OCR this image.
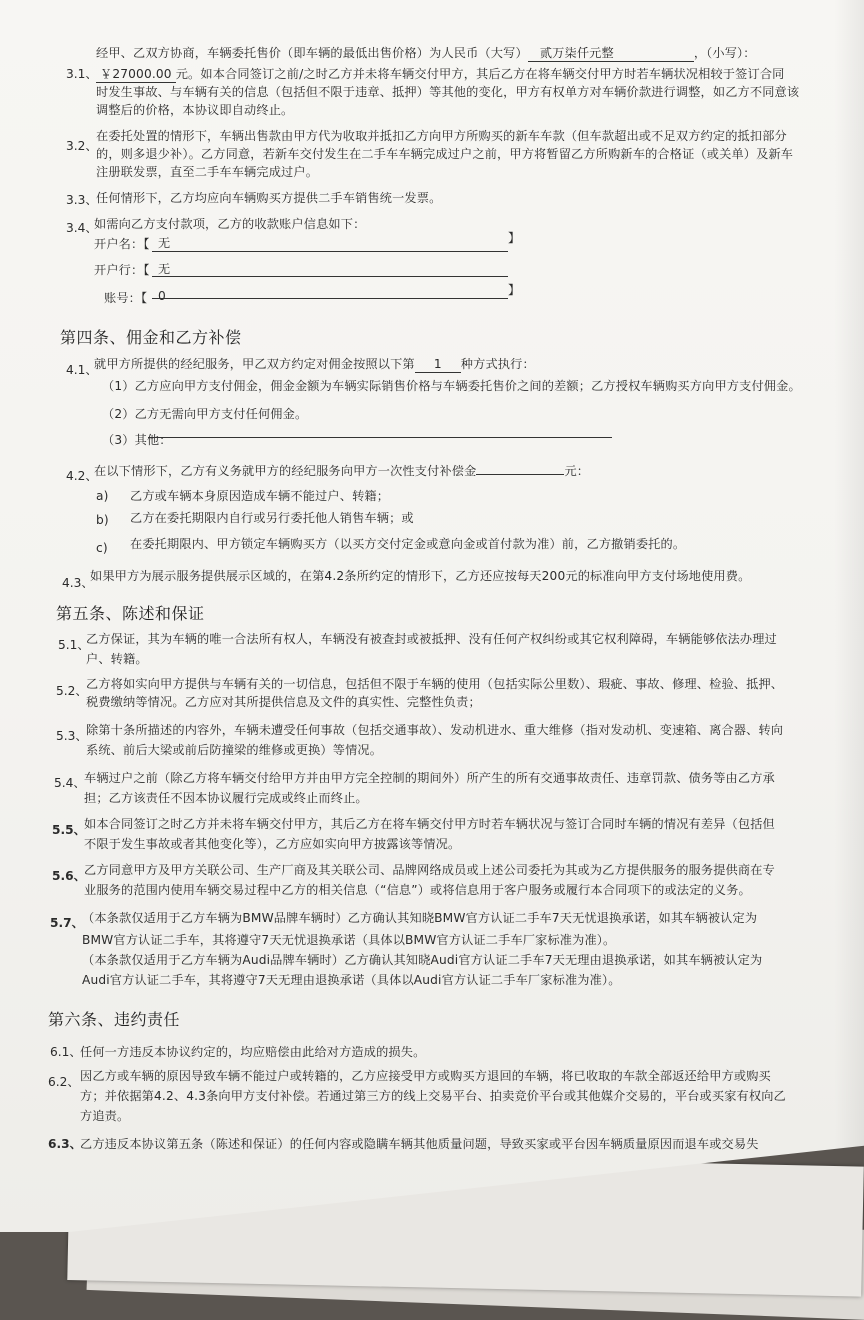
3.1、
经甲、乙双方协商，车辆委托售价（即车辆的最低出售价格）为人民币（大写） 贰万柒仟元整	，（小写）：
￥27000.00 元。如本合同签订之前/之时乙方并未将车辆交付甲方，其后乙方在将车辆交付甲方时若车辆状况相较于签订合同
时发生事故、与车辆有关的信息（包括但不限于违章、抵押）等其他的变化，甲方有权单方对车辆价款进行调整，如乙方不同意该
调整后的价格，本协议即自动终止。
3.2、
在委托处置的情形下，车辆出售款由甲方代为收取并抵扣乙方向甲方所购买的新车车款（但车款超出或不足双方约定的抵扣部分
的，则多退少补）。乙方同意，若新车交付发生在二手车车辆完成过户之前，甲方将暂留乙方所购新车的合格证（或关单）及新车
注册联发票，直至二手车车辆完成过户。
3.3、
任何情形下，乙方均应向车辆购买方提供二手车销售统一发票。
3.4、
如需向乙方支付款项，乙方的收款账户信息如下：
开户名：【 无	】
开户行：【 无
账号：【 0	】
第四条、佣金和乙方补偿
4.1、
就甲方所提供的经纪服务，甲乙双方约定对佣金按照以下第 1 种方式执行：
（1）乙方应向甲方支付佣金，佣金金额为车辆实际销售价格与车辆委托售价之间的差额；乙方授权车辆购买方向甲方支付佣金。
（2）乙方无需向甲方支付任何佣金。
（3）其他：
4.2、
在以下情形下，乙方有义务就甲方的经纪服务向甲方一次性支付补偿金	元：
a) 乙方或车辆本身原因造成车辆不能过户、转籍；
b) 乙方在委托期限内自行或另行委托他人销售车辆；或
c) 在委托期限内、甲方锁定车辆购买方（以买方交付定金或意向金或首付款为准）前，乙方撤销委托的。
4.3、
如果甲方为展示服务提供展示区域的，在第4.2条所约定的情形下，乙方还应按每天200元的标准向甲方支付场地使用费。
第五条、陈述和保证
5.1、
乙方保证，其为车辆的唯一合法所有权人，车辆没有被查封或被抵押、没有任何产权纠纷或其它权利障碍，车辆能够依法办理过
户、转籍。
5.2、
乙方将如实向甲方提供与车辆有关的一切信息，包括但不限于车辆的使用（包括实际公里数）、瑕疵、事故、修理、检验、抵押、
税费缴纳等情况。乙方应对其所提供信息及文件的真实性、完整性负责；
5.3、
除第十条所描述的内容外，车辆未遭受任何事故（包括交通事故）、发动机进水、重大维修（指对发动机、变速箱、离合器、转向
系统、前后大梁或前后防撞梁的维修或更换）等情况。
5.4、
车辆过户之前（除乙方将车辆交付给甲方并由甲方完全控制的期间外）所产生的所有交通事故责任、违章罚款、债务等由乙方承
担；乙方该责任不因本协议履行完成或终止而终止。
5.5、
如本合同签订之时乙方并未将车辆交付甲方，其后乙方在将车辆交付甲方时若车辆状况与签订合同时车辆的情况有差异（包括但
不限于发生事故或者其他变化等），乙方应如实向甲方披露该等情况。
5.6、
乙方同意甲方及甲方关联公司、生产厂商及其关联公司、品牌网络成员或上述公司委托为其或为乙方提供服务的服务提供商在专
业服务的范围内使用车辆交易过程中乙方的相关信息（“信息”）或将信息用于客户服务或履行本合同项下的或法定的义务。
5.7、
（本条款仅适用于乙方车辆为BMW品牌车辆时）乙方确认其知晓BMW官方认证二手车7天无忧退换承诺，如其车辆被认定为
BMW官方认证二手车，其将遵守7天无忧退换承诺（具体以BMW官方认证二手车厂家标准为准）。
（本条款仅适用于乙方车辆为Audi品牌车辆时）乙方确认其知晓Audi官方认证二手车7天无理由退换承诺，如其车辆被认定为
Audi官方认证二手车，其将遵守7天无理由退换承诺（具体以Audi官方认证二手车厂家标准为准）。
第六条、违约责任
6.1、
任何一方违反本协议约定的，均应赔偿由此给对方造成的损失。
6.2、 因乙方或车辆的原因导致车辆不能过户或转籍的，乙方应接受甲方或购买方退回的车辆，将已收取的车款全部返还给甲方或购买
方；并依据第4.2、4.3条向甲方支付补偿。若通过第三方的线上交易平台、拍卖竞价平台或其他媒介交易的，平台或买家有权向乙
方追责。
6.3、
乙方违反本协议第五条（陈述和保证）的任何内容或隐瞒车辆其他质量问题，导致买家或平台因车辆质量原因而退车或交易失
